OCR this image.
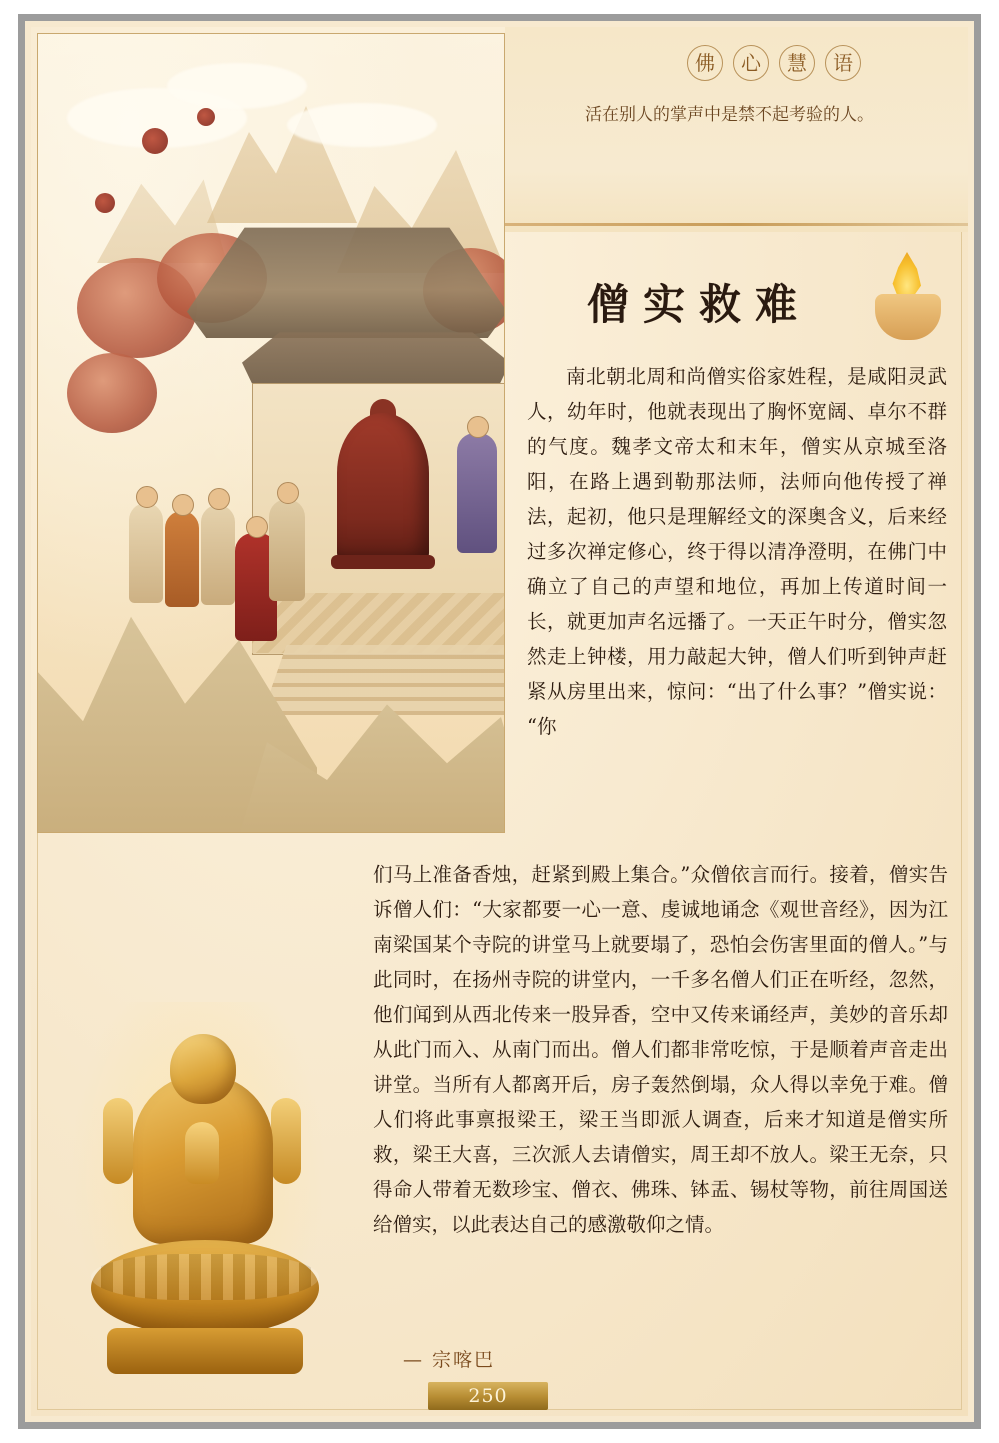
佛	心	慧	语
活在别人的掌声中是禁不起考验的人。
僧实救难
南北朝北周和尚僧实俗家姓程，是咸阳灵武人，幼年时，他就表现出了胸怀宽阔、卓尔不群的气度。魏孝文帝太和末年，僧实从京城至洛阳，在路上遇到勒那法师，法师向他传授了禅法，起初，他只是理解经文的深奥含义，后来经过多次禅定修心，终于得以清净澄明，在佛门中确立了自己的声望和地位，再加上传道时间一长，就更加声名远播了。一天正午时分，僧实忽然走上钟楼，用力敲起大钟，僧人们听到钟声赶紧从房里出来，惊问：“出了什么事？”僧实说：“你
们马上准备香烛，赶紧到殿上集合。”众僧依言而行。接着，僧实告诉僧人们：“大家都要一心一意、虔诚地诵念《观世音经》，因为江南梁国某个寺院的讲堂马上就要塌了，恐怕会伤害里面的僧人。”与此同时，在扬州寺院的讲堂内，一千多名僧人们正在听经，忽然，他们闻到从西北传来一股异香，空中又传来诵经声，美妙的音乐却从此门而入、从南门而出。僧人们都非常吃惊，于是顺着声音走出讲堂。当所有人都离开后，房子轰然倒塌，众人得以幸免于难。僧人们将此事禀报梁王，梁王当即派人调查，后来才知道是僧实所救，梁王大喜，三次派人去请僧实，周王却不放人。梁王无奈，只得命人带着无数珍宝、僧衣、佛珠、钵盂、锡杖等物，前往周国送给僧实，以此表达自己的感激敬仰之情。
— 宗喀巴
250
